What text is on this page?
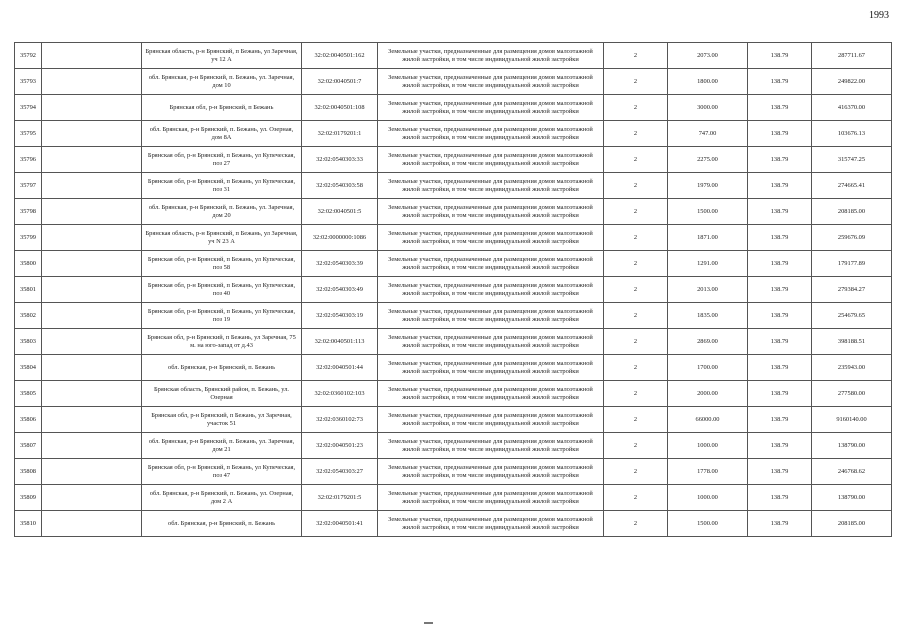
1993
35792		Брянская область, р-н Брянский, п Бежань, ул Заречная, уч 12 А	32:02:0040501:162	Земельные участки, предназначенные для размещения домов малоэтажной жилой застройки, в том числе индивидуальной жилой застройки	2	2073.00	138.79	287711.67
35793		обл. Брянская, р-н Брянский, п. Бежань, ул. Заречная, дом 10	32:02:0040501:7	Земельные участки, предназначенные для размещения домов малоэтажной жилой застройки, в том числе индивидуальной жилой застройки	2	1800.00	138.79	249822.00
35794		Брянская обл, р-н Брянский, п Бежань	32:02:0040501:108	Земельные участки, предназначенные для размещения домов малоэтажной жилой застройки, в том числе индивидуальной жилой застройки	2	3000.00	138.79	416370.00
35795		обл. Брянская, р-н Брянский, п. Бежань, ул. Озерная, дом 8А	32:02:0179201:1	Земельные участки, предназначенные для размещения домов малоэтажной жилой застройки, в том числе индивидуальной жилой застройки	2	747.00	138.79	103676.13
35796		Брянская обл, р-н Брянский, п Бежань, ул Купеческая, поз 27	32:02:0540303:33	Земельные участки, предназначенные для размещения домов малоэтажной жилой застройки, в том числе индивидуальной жилой застройки	2	2275.00	138.79	315747.25
35797		Брянская обл, р-н Брянский, п Бежань, ул Купеческая, поз 31	32:02:0540303:58	Земельные участки, предназначенные для размещения домов малоэтажной жилой застройки, в том числе индивидуальной жилой застройки	2	1979.00	138.79	274665.41
35798		обл. Брянская, р-н Брянский, п. Бежань, ул. Заречная, дом 20	32:02:0040501:5	Земельные участки, предназначенные для размещения домов малоэтажной жилой застройки, в том числе индивидуальной жилой застройки	2	1500.00	138.79	208185.00
35799		Брянская область, р-н Брянский, п Бежань, ул Заречная, уч N 23 А	32:02:0000000:1086	Земельные участки, предназначенные для размещения домов малоэтажной жилой застройки, в том числе индивидуальной жилой застройки	2	1871.00	138.79	259676.09
35800		Брянская обл, р-н Брянский, п Бежань, ул Купеческая, поз 58	32:02:0540303:39	Земельные участки, предназначенные для размещения домов малоэтажной жилой застройки, в том числе индивидуальной жилой застройки	2	1291.00	138.79	179177.89
35801		Брянская обл, р-н Брянский, п Бежань, ул Купеческая, поз 40	32:02:0540303:49	Земельные участки, предназначенные для размещения домов малоэтажной жилой застройки, в том числе индивидуальной жилой застройки	2	2013.00	138.79	279384.27
35802		Брянская обл, р-н Брянский, п Бежань, ул Купеческая, поз 19	32:02:0540303:19	Земельные участки, предназначенные для размещения домов малоэтажной жилой застройки, в том числе индивидуальной жилой застройки	2	1835.00	138.79	254679.65
35803		Брянская обл, р-н Брянский, п Бежань, ул Заречная, 75 м. на юго-запад от д.43	32:02:0040501:113	Земельные участки, предназначенные для размещения домов малоэтажной жилой застройки, в том числе индивидуальной жилой застройки	2	2869.00	138.79	398188.51
35804		обл. Брянская, р-н Брянский, п. Бежань	32:02:0040501:44	Земельные участки, предназначенные для размещения домов малоэтажной жилой застройки, в том числе индивидуальной жилой застройки	2	1700.00	138.79	235943.00
35805		Брянская область, Брянский район, п. Бежань, ул. Озерная	32:02:0360102:103	Земельные участки, предназначенные для размещения домов малоэтажной жилой застройки, в том числе индивидуальной жилой застройки	2	2000.00	138.79	277580.00
35806		Брянская обл, р-н Брянский, п Бежань, ул Заречная, участок 51	32:02:0360102:73	Земельные участки, предназначенные для размещения домов малоэтажной жилой застройки, в том числе индивидуальной жилой застройки	2	66000.00	138.79	9160140.00
35807		обл. Брянская, р-н Брянский, п. Бежань, ул. Заречная, дом 21	32:02:0040501:23	Земельные участки, предназначенные для размещения домов малоэтажной жилой застройки, в том числе индивидуальной жилой застройки	2	1000.00	138.79	138790.00
35808		Брянская обл, р-н Брянский, п Бежань, ул Купеческая, поз 47	32:02:0540303:27	Земельные участки, предназначенные для размещения домов малоэтажной жилой застройки, в том числе индивидуальной жилой застройки	2	1778.00	138.79	246768.62
35809		обл. Брянская, р-н Брянский, п. Бежань, ул. Озерная, дом 2 А	32:02:0179201:5	Земельные участки, предназначенные для размещения домов малоэтажной жилой застройки, в том числе индивидуальной жилой застройки	2	1000.00	138.79	138790.00
35810		обл. Брянская, р-н Брянский, п. Бежань	32:02:0040501:41	Земельные участки, предназначенные для размещения домов малоэтажной жилой застройки, в том числе индивидуальной жилой застройки	2	1500.00	138.79	208185.00
